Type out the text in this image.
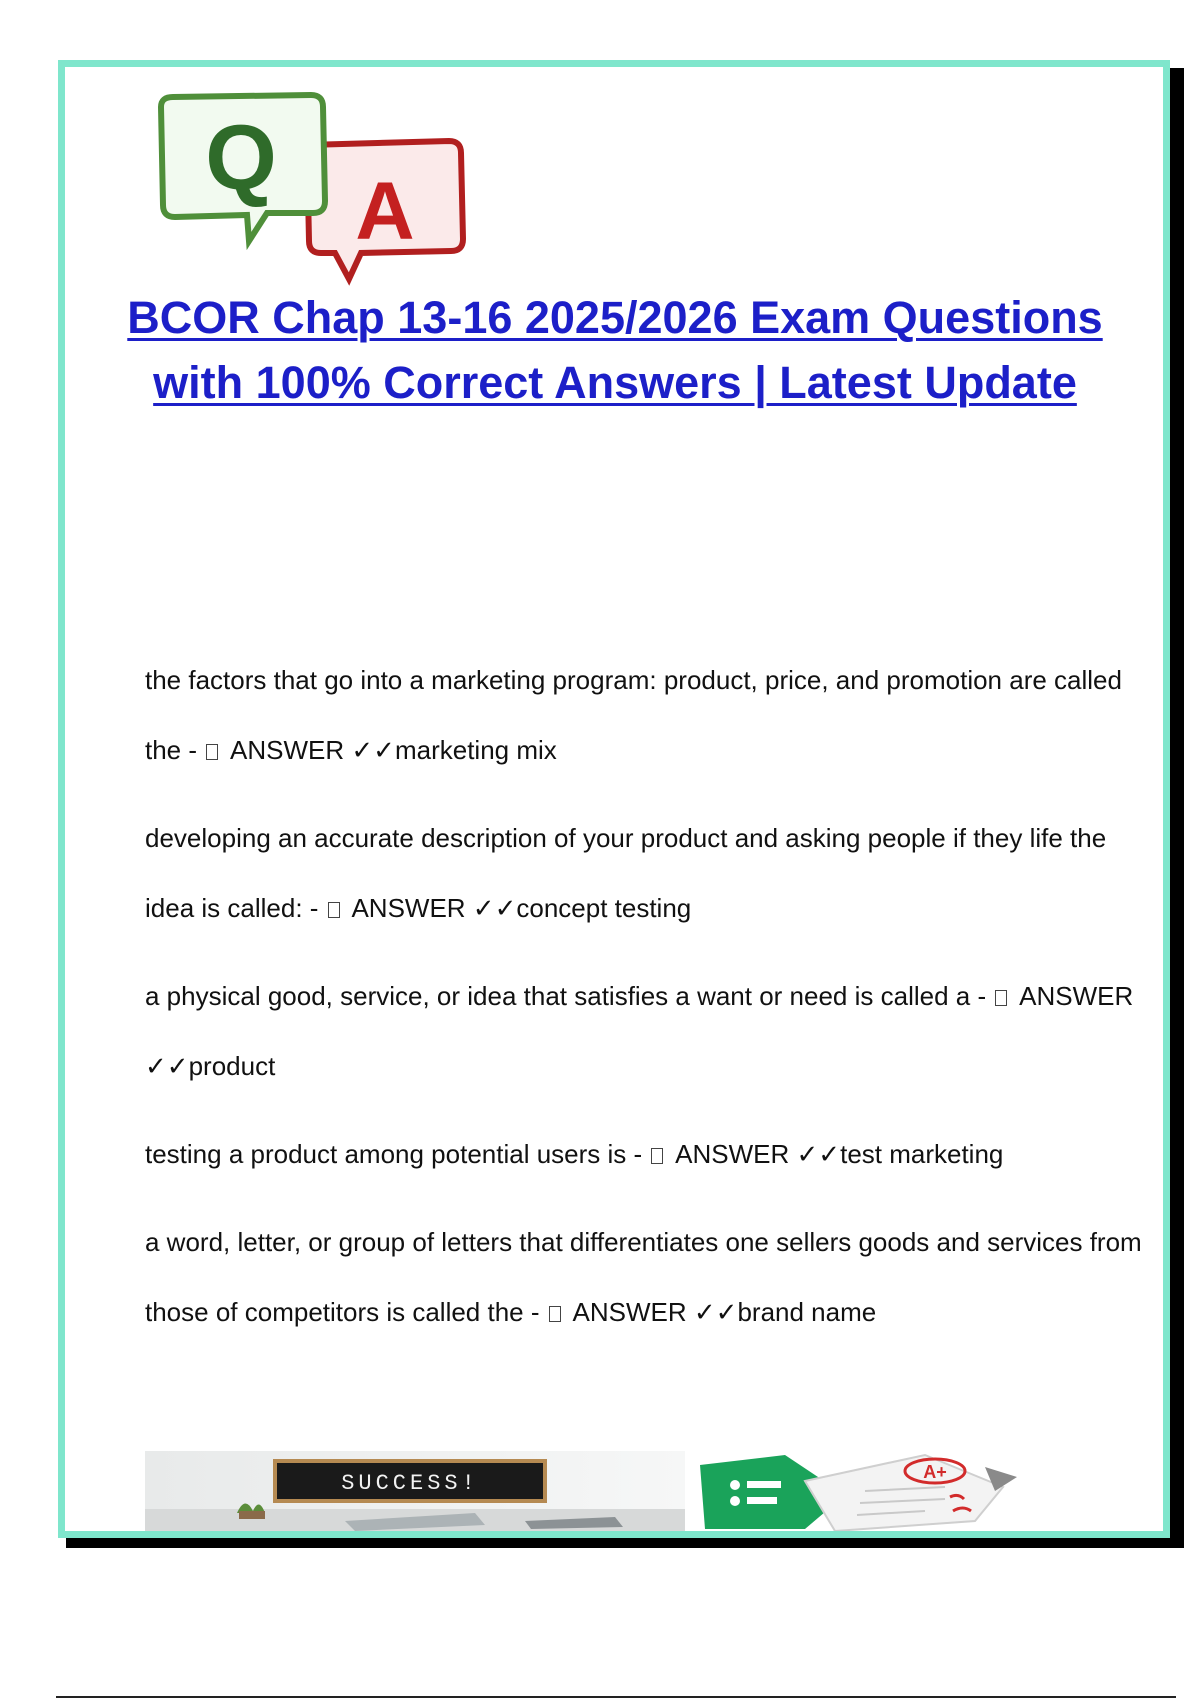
A
Q
BCOR Chap 13-16 2025/2026 Exam Questions with 100% Correct Answers | Latest Update
the factors that go into a marketing program: product, price, and promotion are called the -  ANSWER ✓✓marketing mix
developing an accurate description of your product and asking people if they life the idea is called: -  ANSWER ✓✓concept testing
a physical good, service, or idea that satisfies a want or need is called a -  ANSWER ✓✓product
testing a product among potential users is -  ANSWER ✓✓test marketing
a word, letter, or group of letters that differentiates one sellers goods and services from those of competitors is called the -  ANSWER ✓✓brand name
SUCCESS!	A+
